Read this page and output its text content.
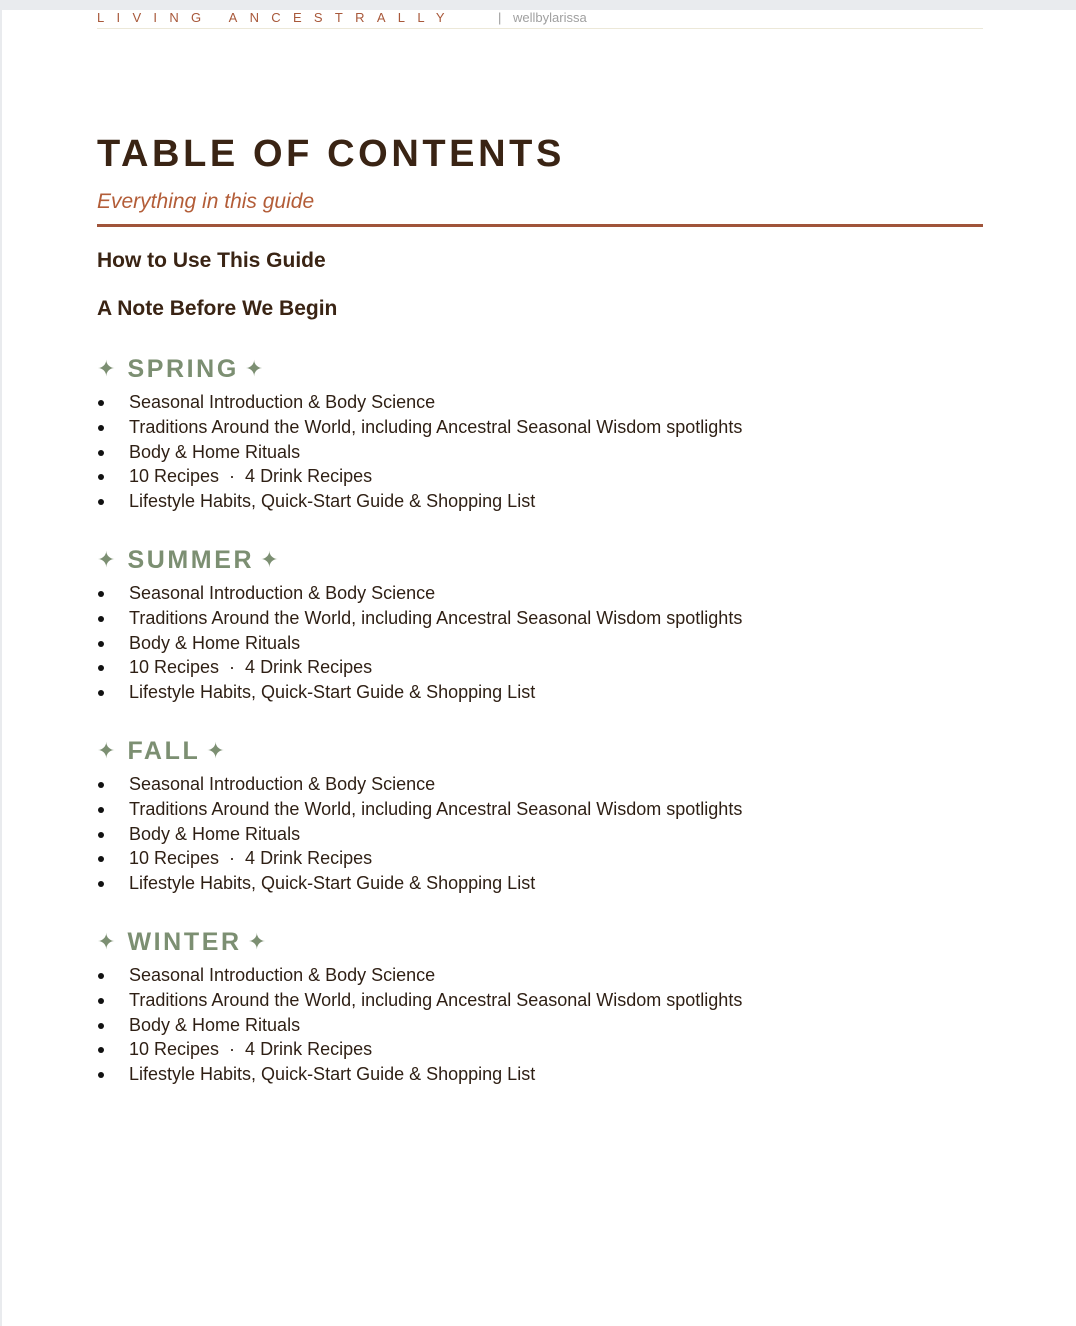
LIVING ANCESTRALLY	| wellbylarissa
TABLE OF CONTENTS
Everything in this guide
How to Use This Guide
A Note Before We Begin
✦ SPRING ✦
Seasonal Introduction & Body Science
Traditions Around the World, including Ancestral Seasonal Wisdom spotlights
Body & Home Rituals
10 Recipes  ·  4 Drink Recipes
Lifestyle Habits, Quick-Start Guide & Shopping List
✦ SUMMER ✦
Seasonal Introduction & Body Science
Traditions Around the World, including Ancestral Seasonal Wisdom spotlights
Body & Home Rituals
10 Recipes  ·  4 Drink Recipes
Lifestyle Habits, Quick-Start Guide & Shopping List
✦ FALL ✦
Seasonal Introduction & Body Science
Traditions Around the World, including Ancestral Seasonal Wisdom spotlights
Body & Home Rituals
10 Recipes  ·  4 Drink Recipes
Lifestyle Habits, Quick-Start Guide & Shopping List
✦ WINTER ✦
Seasonal Introduction & Body Science
Traditions Around the World, including Ancestral Seasonal Wisdom spotlights
Body & Home Rituals
10 Recipes  ·  4 Drink Recipes
Lifestyle Habits, Quick-Start Guide & Shopping List
